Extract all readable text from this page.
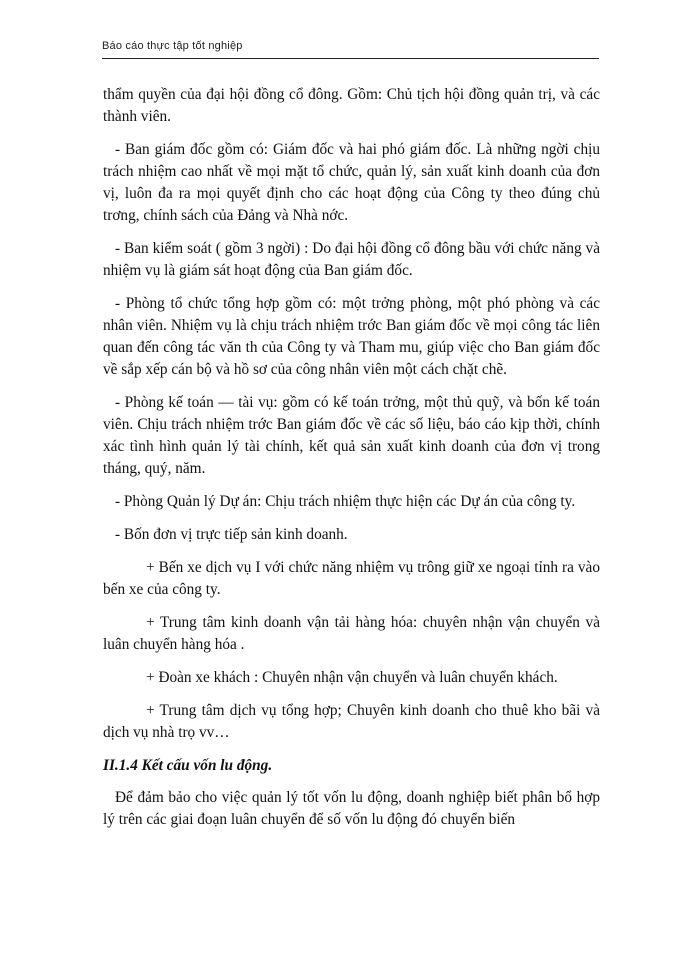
Báo cáo thực tập tốt nghiệp

thẩm quyền của đại hội đồng cổ đông. Gồm: Chủ tịch hội đồng quản trị, và các thành viên.

- Ban giám đốc gồm có: Giám đốc và hai phó giám đốc. Là những ngời chịu trách nhiệm cao nhất về mọi mặt tổ chức, quản lý, sản xuất kinh doanh của đơn vị, luôn đa ra mọi quyết định cho các hoạt động của Công ty theo đúng chủ trơng, chính sách của Đảng và Nhà nớc.

- Ban kiểm soát ( gồm 3 ngời) : Do đại hội đồng cổ đông bầu với chức năng và nhiệm vụ là giám sát hoạt động của Ban giám đốc.

- Phòng tổ chức tổng hợp gồm có: một trởng phòng, một phó phòng và các nhân viên. Nhiệm vụ là chịu trách nhiệm trớc Ban giám đốc về mọi công tác liên quan đến công tác văn th của Công ty và Tham mu, giúp việc cho Ban giám đốc về sắp xếp cán bộ và hồ sơ của công nhân viên một cách chặt chẽ.

- Phòng kế toán — tài vụ: gồm có kế toán trởng, một thủ quỹ, và bốn kế toán viên. Chịu trách nhiệm trớc Ban giám đốc về các số liệu, báo cáo kịp thời, chính xác tình hình quản lý tài chính, kết quả sản xuất kinh doanh của đơn vị trong tháng, quý, năm.

- Phòng Quản lý Dự án: Chịu trách nhiệm thực hiện các Dự án của công ty.

- Bốn đơn vị trực tiếp sản kinh doanh.

+ Bến xe dịch vụ I với chức năng nhiệm vụ trông giữ xe ngoại tỉnh ra vào bến xe của công ty.

+ Trung tâm kinh doanh vận tải hàng hóa: chuyên nhận vận chuyển và luân chuyển hàng hóa .

+ Đoàn xe khách : Chuyên nhận vận chuyển và luân chuyển khách.

+ Trung tâm dịch vụ tổng hợp; Chuyên kinh doanh cho thuê kho bãi và dịch vụ nhà trọ vv…

II.1.4 Kết cấu vốn lu động.

Để đảm bảo cho việc quản lý tốt vốn lu động, doanh nghiệp biết phân bổ hợp lý trên các giai đoạn luân chuyển để số vốn lu động đó chuyển biến
